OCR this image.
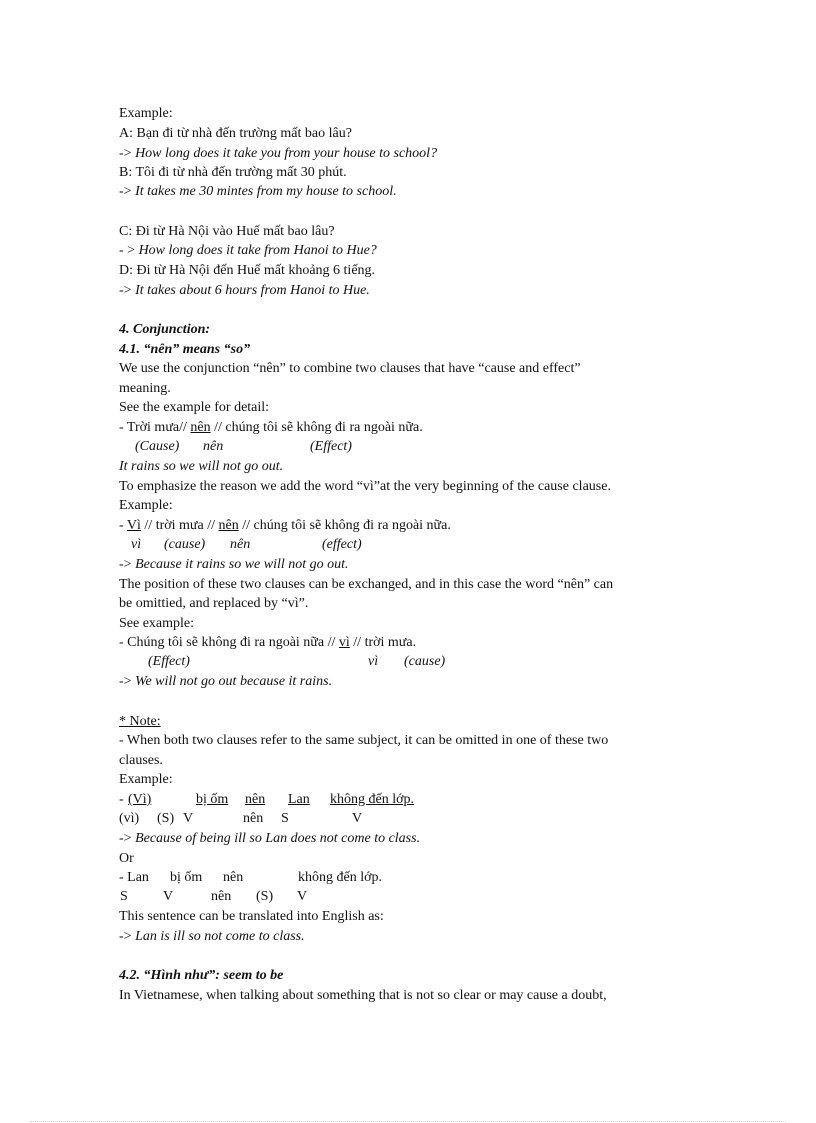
Example:
A: Bạn đi từ nhà đến trường mất bao lâu?
-> How long does it take you from your house to school?
B: Tôi đi từ nhà đến trường mất 30 phút.
-> It takes me 30 mintes from my house to school.
C: Đi từ Hà Nội vào Huế mất bao lâu?
- > How long does it take from Hanoi to Hue?
D: Đi từ Hà Nội đến Huế mất khoảng 6 tiếng.
-> It takes about 6 hours from Hanoi to Hue.
4. Conjunction:
4.1. “nên” means “so”
We use the conjunction “nên” to combine two clauses that have “cause and effect”
meaning.
See the example for detail:
- Trời mưa// nên // chúng tôi sẽ không đi ra ngoài nữa.
(Cause) nên	(Effect)
It rains so we will not go out.
To emphasize the reason we add the word “vì”at the very beginning of the cause clause.
Example:
- Vì // trời mưa // nên // chúng tôi sẽ không đi ra ngoài nữa.
vì (cause) nên	(effect)
-> Because it rains so we will not go out.
The position of these two clauses can be exchanged, and in this case the word “nên” can
be omittied, and replaced by “vì”.
See example:
- Chúng tôi sẽ không đi ra ngoài nữa // vì // trời mưa.
(Effect)	vì (cause)
-> We will not go out because it rains.
* Note:
- When both two clauses refer to the same subject, it can be omitted in one of these two
clauses.
Example:
- (Vì)	bị ốm nên Lan không đến lớp.
(vì) (S) V	nên S	V
-> Because of being ill so Lan does not come to class.
Or
- Lan bị ốm nên	không đến lớp.
S	V	nên (S) V
This sentence can be translated into English as:
-> Lan is ill so not come to class.
4.2. “Hình như”: seem to be
In Vietnamese, when talking about something that is not so clear or may cause a doubt,
